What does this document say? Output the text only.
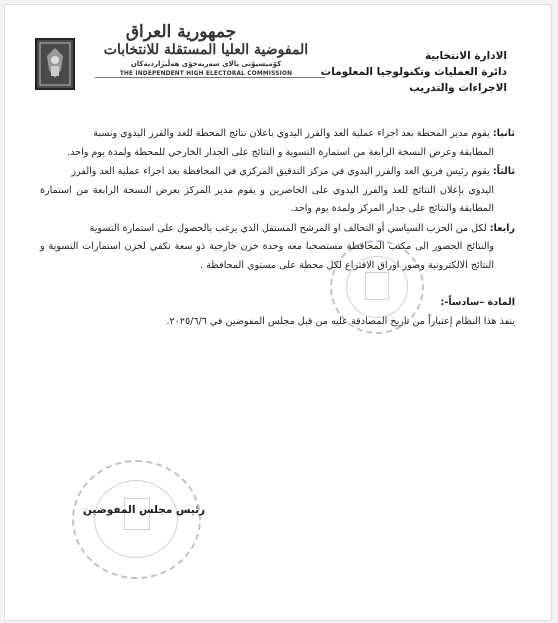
جمهورية العراق
المفوضية العليا المستقلة للانتخابات
كۆمیسیۆنی بالای سەربەخۆی هەڵبژاردنەکان
THE INDEPENDENT HIGH ELECTORAL COMMISSION
الادارة الانتخابية
دائرة العمليات وتكنولوجيا المعلومات
الاجراءات والتدريب

ثانيا: يقوم مدير المحطة بعد اجراء عملية العد والفرز اليدوي باعلان نتائج المحطة للعد والفرز اليدوي ونسبة
المطابقة وعرض النسخة الرابعة من استمارة التسوية و النتائج على الجدار الخارجي للمحطة ولمدة يوم واحد.

ثالثاً: يقوم رئيس فريق العد والفرز اليدوي في مركز التدقيق المركزي في المحافظة بعد اجراء عملية العد والفرز
اليدوي بإعلان النتائج للعد والفرز اليدوي على الحاضرين و يقوم مدير المركز بعرض النسخة الرابعة من استمارة المطابقة والنتائج على جدار المركز ولمدة يوم واحد.

رابعا: لكل من الحزب السياسي أو التحالف او المرشح المستقل الذي يرغب بالحصول على استمارة التسوية
والنتائج الحضور الى مكتب المحافظة مستصحبا معه وحدة خزن خارجية ذو سعة تكفي لخزن استمارات التسوية و النتائج الالكترونية وصور اوراق الاقتراع لكل محطة على مستوى المحافظة .

المادة –سادساً-:
ينفذ هذا النظام إعتباراً من تاريخ المصادقة عليه من قبل مجلس المفوضين في ٢٠٢٥/٦/٦.
رئيس مجلس المفوضين
